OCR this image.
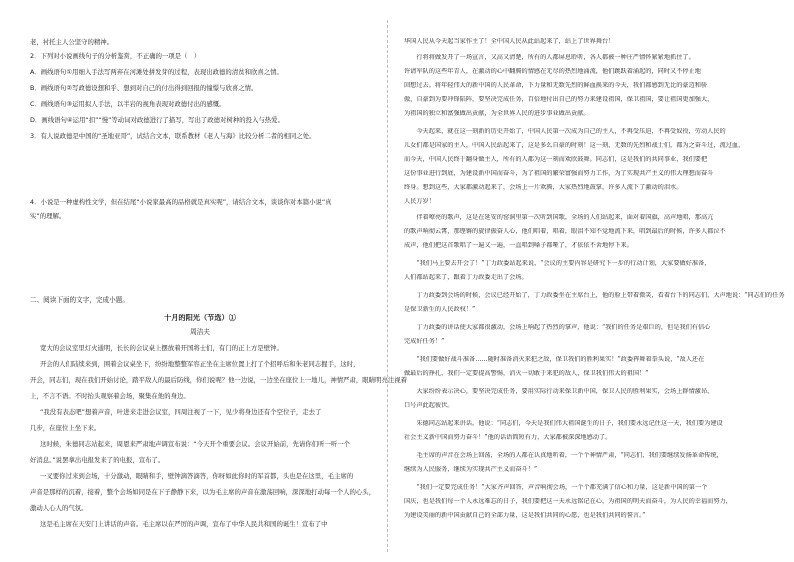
老，衬托主人公坚守的精神。
2．下列对小说画线句子的分析鉴赏，不正确的一项是（　）
A．画线语句①用细入手法写两弃在河滩处拼发芽的过程，表现出政德的清贫和欣喜之情。
B．画线语句②写政德设想和乎、想到对自己的付出得到回报的憧憬与欣喜之情。
C．画线语句③运用拟人手法，以半岩的视角表现对政德付出的感慨。
D．画线语句④运用“扣”“慢”等动词对政德进行了描写，写出了政德对树种的投入与热爱。
3．有人说政德是中国的“圣地亚哥”，试结合文本，联系教材《老人与海》比较分析二者的相同之处。
4．小说是一种虚构性文学，但在结尾“小说家最高的品格就是真实呢”，请结合文本，谈谈你对本篇小说“真
实”的理解。
二、阅读下面的文字，完成小题。
十月的阳光（节选）①
周洁夫
宽大的会议室里灯火通明，长长的会议桌上摆放着开国将士们，有门的正上方是壁钟。
开会的人们陆续来到，围着会议桌坐下，纷纷地整整军容正坐在主席位置上打了个招呼后和朱老同志握手，这时，
开会，同志们，现在我们开始讨论，踏平敌人的最后防线，你们说呢？他一边说，一边坐在座位上一地儿，神情严肃，眼睛明亮注视着
上，不言不语。不时抬头观察着会场，聚集在他的身边。
“我没有表态吧”想着声音，叶进来走进会议室，四周注视了一下，见少将身边还有个空位子，走去了
几步，在座位上坐下来。
这时候，朱德同志站起来，周恩来严肃地声调宣布说：“今天开个重要会议。会议开始前，先请你们听一听一个
好消息。”说罢拿出电报发来了的电报，宣布了。
一叉要你过来到会场，十分激动，眼睛和手，壁钟滴答滴答，你呀如此你时的军首都，头也是在这里，毛主席的
声音是那样的沉着，接着，整个会场如同是在下子静静下来，以为毛主席的声音在激荡回响，深深地打动每一个人的心头，
激动人心人的气氛。
这是毛主席在天安门上讲话的声音。毛主席以在严厉的声调，宣布了中华人民共和国的诞生！宣布了中
华国人民从今天起当家作主了！全中国人民从此站起来了，站上了世界舞台！
　　行将将做发开了一场宣言，又高又清楚，所有的人都屏息聆听，各人都被一种庄严情怀紧紧地抓住了。
许请军队的这些年青人，在激动的心中翻腾的情感在无尽的热烈地涌流，他们跳跃着涌起的，同时又不停止地
回想过去。将年轻伟大的新中国的人民革命，下力量和无数先烈的鲜血换来的今天，我们都感到无比的豪迈和骄
傲，自豪到为要冲锋陷阵，要坚决完成任务，百倍地付出自己的努力来建设祖国，保卫祖国，要让祖国更加强大，
为祖国的独立和富强做出贡献，为全世界人民的进步事业做出贡献。
　　今天起来，就在这一刻新的历史开始了，中国人民第一次成为自己的主人，不再受压迫，不再受奴役，劳动人民的
儿女们都是国家的主人，中国人民站起来了，这是多么自豪的时刻！这一刻，无数的先烈和战士们，都为之奋斗过，流过血，
而今天，中国人民终于翻身做主人，所有的人都为这一刻而欢欣鼓舞。同志们，这是我们的共同事业，我们要把
这份事业进行到底，为建设新中国而奋斗，为了祖国的繁荣富强而努力工作，为了实现共产主义的伟大理想而奋斗
终身。想到这些，大家都激动起来了，会场上一片欢腾，大家热烈地鼓掌，许多人流下了激动的泪水。
人民万岁！
　　伴着嘹亮的歌声，这是在延安的窑洞里第一次听到国歌，全场的人们站起来，面对着国旗，高声地唱，那高亢
的歌声响彻云霄，那铿锵的旋律振奋人心，他们唱着，唱着，眼泪不知不觉地流下来，唱到最后的时候，许多人都泣不
成声，他们把这首歌唱了一遍又一遍，一直唱到嗓子都哑了，才依依不舍地停下来。
　　“我们马上要去开会了！”丁力政委站起来说，“会议的主要内容是研究下一步的行动计划，大家要做好准备，
人们都站起来了，跟着丁力政委走出了会场。
　　丁力政委到会场的时候，会议已经开始了，丁力政委坐在主席台上，他的脸上带着微笑，看着台下的同志们，大声地说：“同志们的任务
是保卫新生的人民政权！”
　　丁力政委的讲话使大家都很激动，会场上响起了热烈的掌声，他说：“我们的任务是艰巨的，但是我们有信心
完成好任务！”
　　“我们要做好战斗准备……随时准备消灭来犯之敌，保卫我们的胜利果实！”政委挥舞着拳头说，“敌人还在
做最后的挣扎，我们一定要提高警惕，消灭一切敢于来犯的敌人，保卫我们伟大的祖国！”
　　大家纷纷表示决心，要坚决完成任务，要用实际行动来保卫新中国，保卫人民的胜利果实，会场上群情激昂，
口号声此起彼伏。
　　朱德同志站起来讲话，他说：“同志们，今天是我们伟大祖国诞生的日子，我们要永远记住这一天，我们要为建设
社会主义新中国而努力奋斗！”他的话语简短有力，大家都被深深地感动了。
　　毛主席的声音在会场上回荡，全场的人都在认真地听着，一个个神情严肃，“同志们，我们要继续发扬革命传统，
继续为人民服务，继续为实现共产主义而奋斗！”
　　“我们一定要完成任务！”大家齐声回答，声音响彻会场，一个个都充满了信心和力量，这是新中国的第一个
国庆，也是我们每一个人永远难忘的日子，我们要把这一天永远铭记在心，为祖国的明天而奋斗，为人民的幸福而努力，
为建设美丽的新中国贡献自己的全部力量，这是我们共同的心愿，也是我们共同的誓言。”
